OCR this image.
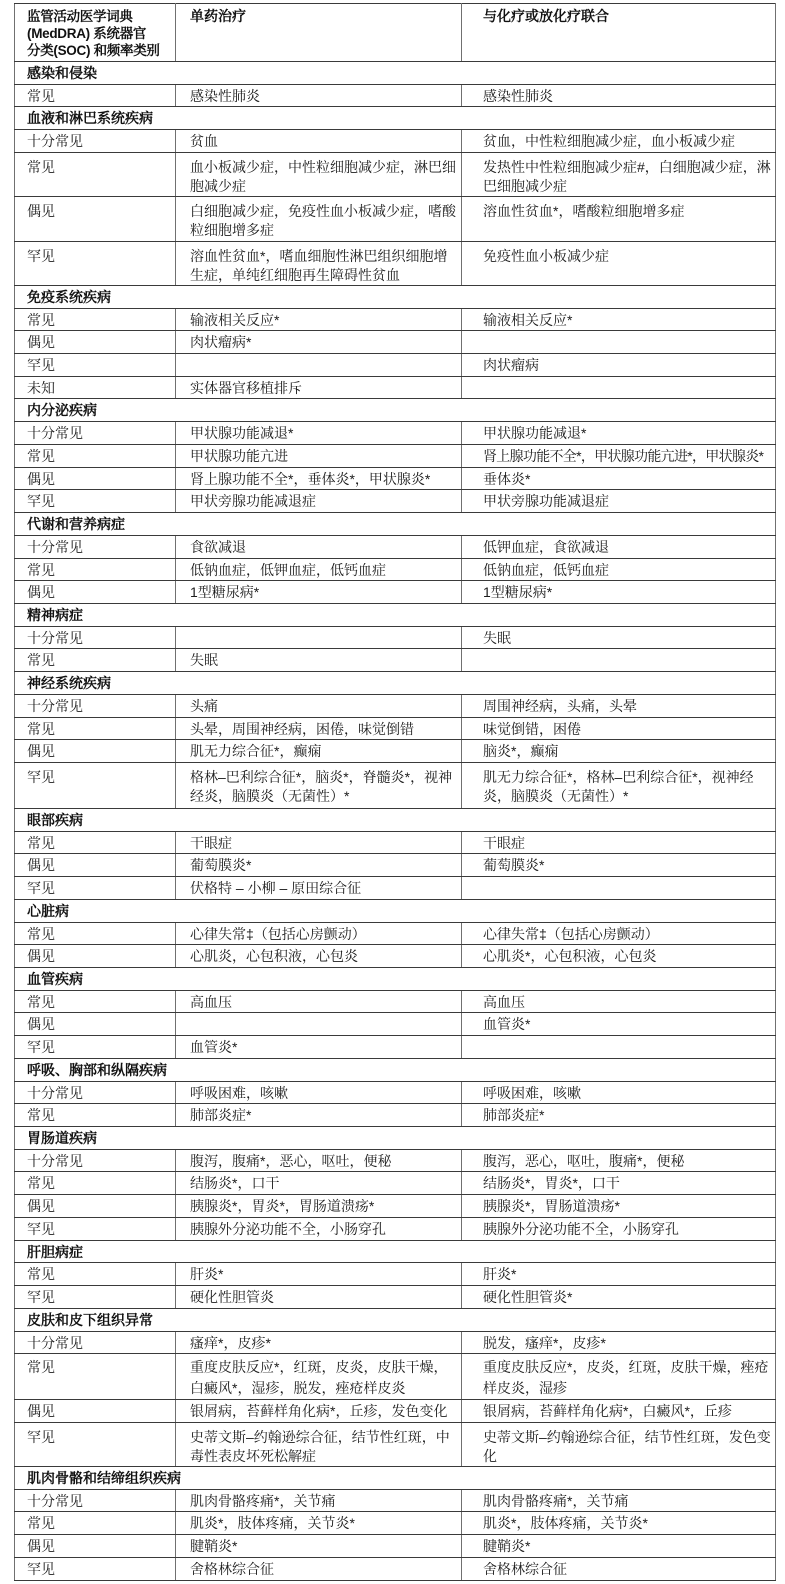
监管活动医学词典
(MedDRA) 系统器官
分类(SOC) 和频率类别	单药治疗	与化疗或放化疗联合
感染和侵染		
常见	感染性肺炎	感染性肺炎
血液和淋巴系统疾病		
十分常见	贫血	贫血，中性粒细胞减少症，血小板减少症
常见	血小板减少症，中性粒细胞减少症，淋巴细胞减少症	发热性中性粒细胞减少症#，白细胞减少症，淋巴细胞减少症
偶见	白细胞减少症，免疫性血小板减少症，嗜酸粒细胞增多症	溶血性贫血*，嗜酸粒细胞增多症
罕见	溶血性贫血*，嗜血细胞性淋巴组织细胞增生症，单纯红细胞再生障碍性贫血	免疫性血小板减少症
免疫系统疾病		
常见	输液相关反应*	输液相关反应*
偶见	肉状瘤病*	
罕见		肉状瘤病
未知	实体器官移植排斥	
内分泌疾病		
十分常见	甲状腺功能减退*	甲状腺功能减退*
常见	甲状腺功能亢进	肾上腺功能不全*，甲状腺功能亢进*，甲状腺炎*
偶见	肾上腺功能不全*，垂体炎*，甲状腺炎*	垂体炎*
罕见	甲状旁腺功能减退症	甲状旁腺功能减退症
代谢和营养病症		
十分常见	食欲减退	低钾血症，食欲减退
常见	低钠血症，低钾血症，低钙血症	低钠血症，低钙血症
偶见	1型糖尿病*	1型糖尿病*
精神病症		
十分常见		失眠
常见	失眠	
神经系统疾病		
十分常见	头痛	周围神经病，头痛，头晕
常见	头晕，周围神经病，困倦，味觉倒错	味觉倒错，困倦
偶见	肌无力综合征*，癫痫	脑炎*，癫痫
罕见	格林–巴利综合征*，脑炎*，脊髓炎*，视神经炎，脑膜炎（无菌性）*	肌无力综合征*，格林–巴利综合征*，视神经炎，脑膜炎（无菌性）*
眼部疾病		
常见	干眼症	干眼症
偶见	葡萄膜炎*	葡萄膜炎*
罕见	伏格特 – 小柳 – 原田综合征	
心脏病		
常见	心律失常‡（包括心房颤动）	心律失常‡（包括心房颤动）
偶见	心肌炎，心包积液，心包炎	心肌炎*，心包积液，心包炎
血管疾病		
常见	高血压	高血压
偶见		血管炎*
罕见	血管炎*	
呼吸、胸部和纵隔疾病		
十分常见	呼吸困难，咳嗽	呼吸困难，咳嗽
常见	肺部炎症*	肺部炎症*
胃肠道疾病		
十分常见	腹泻，腹痛*，恶心，呕吐，便秘	腹泻，恶心，呕吐，腹痛*，便秘
常见	结肠炎*，口干	结肠炎*，胃炎*，口干
偶见	胰腺炎*，胃炎*，胃肠道溃疡*	胰腺炎*，胃肠道溃疡*
罕见	胰腺外分泌功能不全，小肠穿孔	胰腺外分泌功能不全，小肠穿孔
肝胆病症		
常见	肝炎*	肝炎*
罕见	硬化性胆管炎	硬化性胆管炎*
皮肤和皮下组织异常		
十分常见	瘙痒*，皮疹*	脱发，瘙痒*，皮疹*
常见	重度皮肤反应*，红斑，皮炎，皮肤干燥，白癜风*，湿疹，脱发，痤疮样皮炎	重度皮肤反应*，皮炎，红斑，皮肤干燥，痤疮样皮炎，湿疹
偶见	银屑病，苔藓样角化病*，丘疹，发色变化	银屑病，苔藓样角化病*，白癜风*，丘疹
罕见	史蒂文斯–约翰逊综合征，结节性红斑，中毒性表皮坏死松解症	史蒂文斯–约翰逊综合征，结节性红斑，发色变化
肌肉骨骼和结缔组织疾病		
十分常见	肌肉骨骼疼痛*，关节痛	肌肉骨骼疼痛*，关节痛
常见	肌炎*，肢体疼痛，关节炎*	肌炎*，肢体疼痛，关节炎*
偶见	腱鞘炎*	腱鞘炎*
罕见	舍格林综合征	舍格林综合征
